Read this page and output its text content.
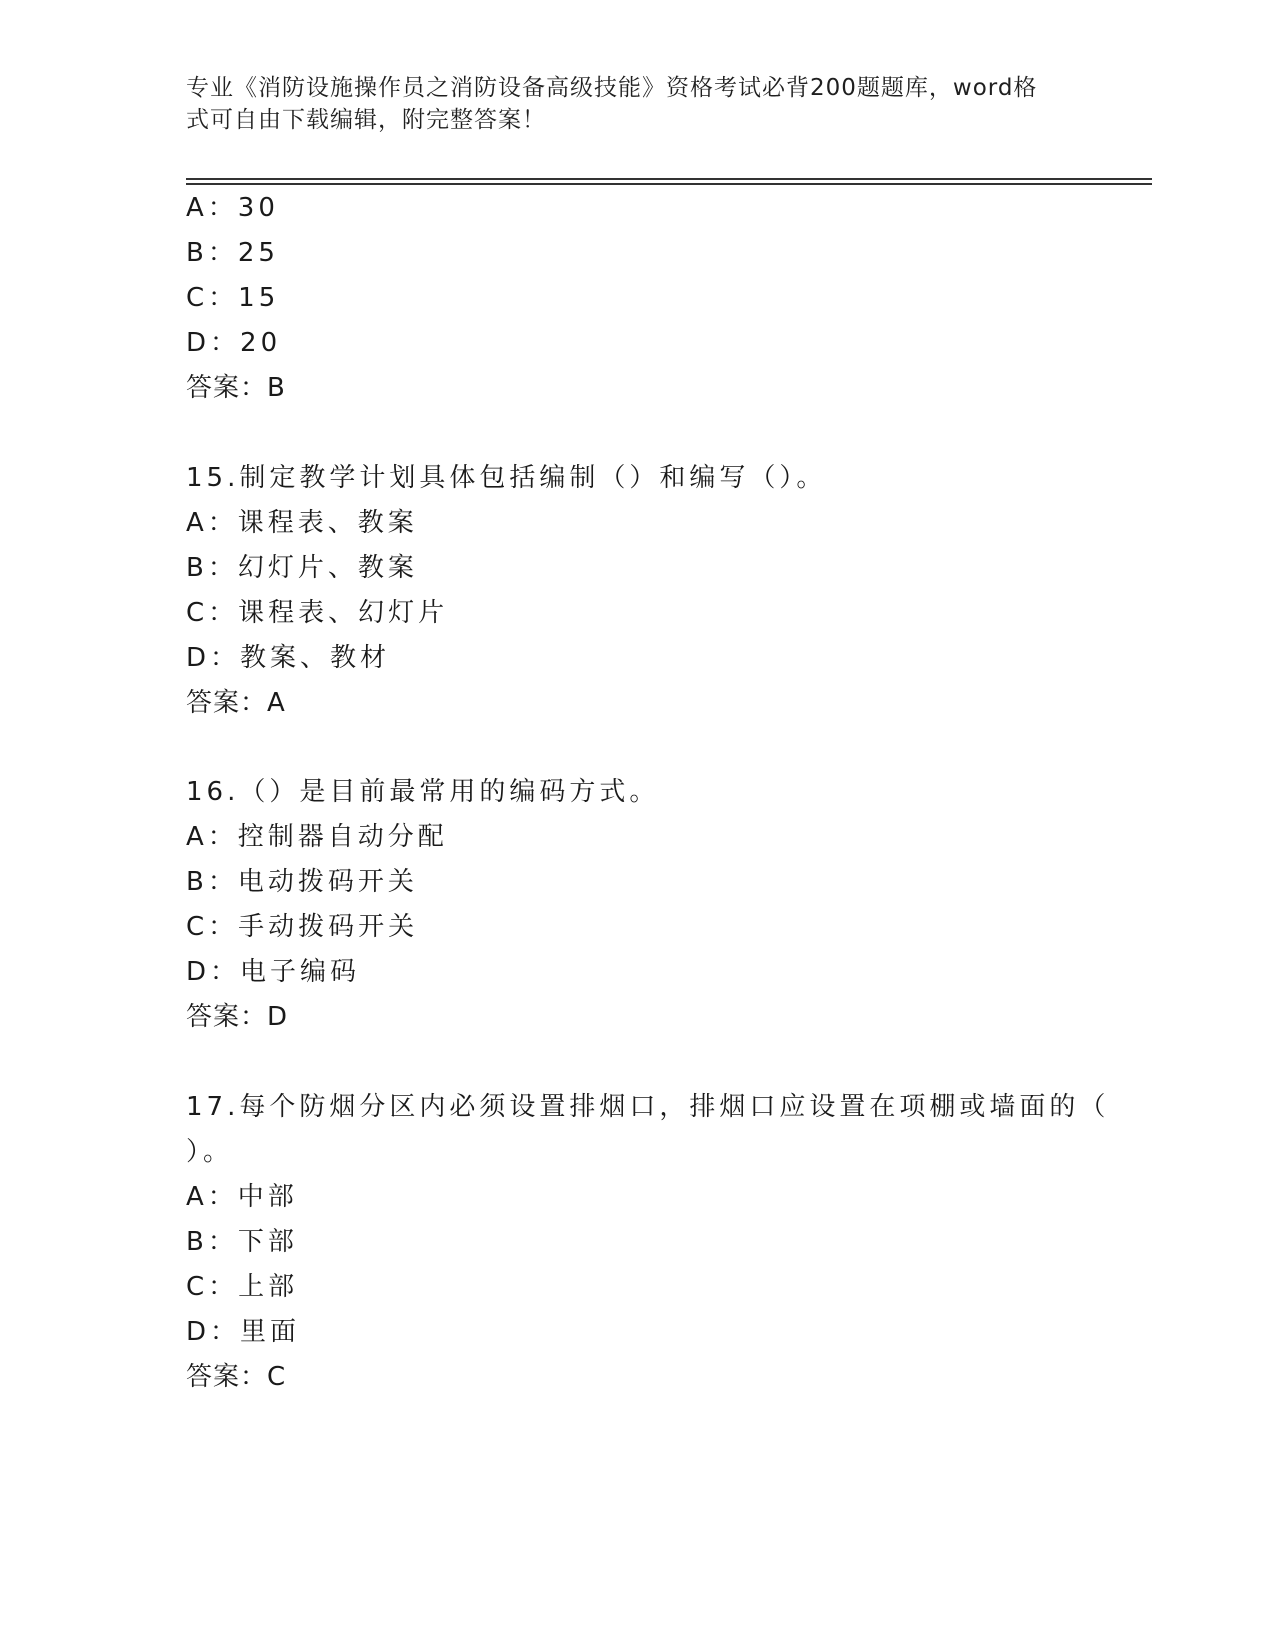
专业《消防设施操作员之消防设备高级技能》资格考试必背200题题库，word格
式可自由下载编辑，附完整答案！
A：30
B：25
C：15
D：20
答案：B
15.制定教学计划具体包括编制（）和编写（）。
A：课程表、教案
B：幻灯片、教案
C：课程表、幻灯片
D：教案、教材
答案：A
16.（）是目前最常用的编码方式。
A：控制器自动分配
B：电动拨码开关
C：手动拨码开关
D：电子编码
答案：D
17.每个防烟分区内必须设置排烟口，排烟口应设置在项棚或墙面的（
）。
A：中部
B：下部
C：上部
D：里面
答案：C
